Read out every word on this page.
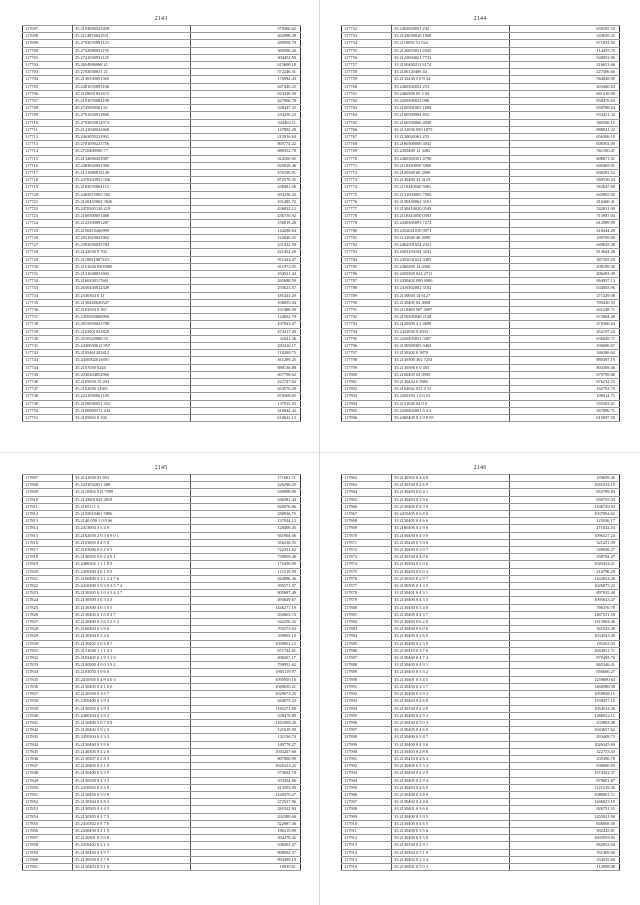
2143
117697	35.2103050525408	579466.62
117698	35.2114876641551	462998.49
117699	35.2793035991123	289958.79
117700	35.2732088031176	369596.26
117701	35.2741030931125	304452.50
117702	35.2654996068 21	615608.18
117703	35.2702030631 21	372246.31
117704	35.2130330051565	176984.43
117705	35.2401035893106	267446.25
117706	35.2158651031672	623338.50
117707	35.2191076004198	427906.78
117708	30.2745050561 61	338447.35
117709	35.2791020911806	234256.23
117710	35.2793033814573	324402.11
117711	35.2141030042668	147892.29
117712	35.2463055212991	215916.64
117713	35.2781050221756	805774.22
117714	35.2710400506 77	888352.78
117715	35.2134096453987	324160.65
117716	35.2483043061396	845818.46
117717	35.2131080814149	476199.91
117718	35.2470343931 026	872578.35
117719	35.2183035064115	258481.06
117720	35.2465015963 592	493236.43
117721	35.2120455063 3826	101485.72
117722	35.2470305120 219	436832.12
117723	35.2160500051468	436750.92
117724	35.2122100091287	150019.26
117725	35.2150410266999	144288.64
117726	35.2031010025962	122840.25
117727	35.2492050035784	231422.59
117728	35.2142030 9 702	221452.26
117729	35.2110051087223	911444.47
117730	35.2151640 0503980	911972.05
117731	35.2131048031603	104521.44
117732	35.2160430117661	265688.59
117733	35.2630430012349	255623.57
117734	35.2330304 0 11	181441.20
117735	35.2130420620547	106855.04
117736	35.2103504 0 367	167488.59
117737	35.2450503060090	124662.79
117738	35.2015050041788	107943.07
117739	35.2102001041828	474217.20
117740	35.2510320000 52	31641.36
117741	35.2430030612 957	282416.17
117742	35.2105461203412	110288.75
117743	35.2436502013691	361289.25
117744	35.2107050 0244	880136.88
117745	35.2030204052960	407796.62
117746	35.2105050 15 203	222747.62
117747	35.2102050 12961	633576.29
117748	35.2241050061149	876568.65
117749	35.2150030051 352	137915.25
117750	35.2100000172 434	416844.42
117751	35.2105002 0 102	610622.13
2144
117752	35.2463050031 232	650185.55
117753	35.2143030020 1568	343659.31
117754	35.2110050 51 524	671852.94
117755	35.2120053031 2645	114455.70
117756	35.2123004021 7733	540052.06
117757	35.2150400211 3174	216651.66
117758	35.2100120406 44	227406.66
117759	35.2132430 5 0 9 34	564848.00
117760	35.2460302052 253	203460.03
117761	35.2460300 05 2 04	661416.68
117762	35.2450300033 088	858476.03
117763	35.2160301003 1698	658788.64
117764	35.2160500994 852	933421.34
117765	35.2160300060 4849	380566.15
117766	35.2132030 050 1873	888041.22
117767	35.2130020361 255	656306.10
117768	35.2160300000 4032	600302.09
117769	35.2450400 12 3482	561180.47
117770	35.2460300351 4798	608671.01
117771	35.2110450050 5969	640465.91
117772	35.2120300 60 2909	600203.52
117773	35.2130400 33 4123	560536.34
117774	35.2110440040 5081	563647.60
117775	35.2131004003 7565	645965.00
117776	35.2130430062 3161	416460.41
117777	35.2130410020 0549	542031.09
117778	35.2110443050 0583	713987.04
117779	35.2430305093 7274	612989.99
117780	35.2452041010 9071	418444.20
117781	35.2132040 40 2099	189769.69
117782	35.2462501024 2321	649635.30
117783	35.2603103104 3233	813644.46
117784	35.2452031022 3385	387205.03
117785	35.2460209 14 4360	208199.30
117786	35.2450305 024 2711	406483.49
117787	35.2430402 090 6906	664957.13
117788	35.2410302002 3182	634563.96
117789	35.2130040 14 6127	271429.08
117790	35.2130405 04 4008	789420.53
117791	35.2110400 507 3097	441248.71
117792	35.2150305040 2148	672604.40
117793	35.2120300 4 3 4698	470360.04
117794	35.2432030 9 4033	452197.22
117795	35.2420403051 3307	636649.71
117796	35.2130500305 3404	196680.67
117797	35.2130302 0 3870	346286.62
117798	35.2130300 302 7254	880497.19
117799	35.2130306 0 0 403	803369.46
117800	35.2160405 02 0995	679799.86
117801	35.2130452 0 3982	876232.53
117802	35.2164042 013 0 31	162791.75
117803	35.2450350 1 0 0 53	198514.71
117804	35.2131040 04 0 0	535503.61
117805	35.2430402001 5 4 4	267886.71
117806	35.2460405 0 3 0 0 95	615697.50
2145
117807	35.2141050 03 953	171681.71
117808	35.2431032051 488	226296.25
117809	35.2110504 015 7099	549998.90
117810	35.2143001045 2819	546381.44
117811	35.2105 0 1 3	820076.86
117812	35.2105010461 5806	280936.75
117813	35.2140 050 1 0 0 66	137924.12
117814	35.2413004 3 5 4 9	120400.45
117815	35.2162050 2 0 3 6 9 0 1	561904.06
117816	35.2103005 0 4 9 8	356236.35
117817	35.2103006 0 0 2 0 5	722331.62
117818	35.2140305 0 0 2 4 9 1	739859.49
117819	35.2460302 1 1 1 8 9	175456.09
117820	35.2450300 4 8 1 0 9	111519.59
117821	35.2160400 0 2 1 2 4 7 6	262896.36
117822	35.2410300 5 0 3 0 3 5 7 4	395571.37
117823	35.2130305 0 2 0 4 3 4 3 7	805687.40
117824	35.2130500 3 0 3 3 3	493649.67
117825	35.2130300 4 0 3 0 5	1446277.19
117826	35.2130402 0 1 0 8 2 7	292603.73
117827	35.2130400 0 3 0 3 2 3 2	342256.32
117828	35.2160404 0 5 6 6	705373.63
117829	35.2130304 0 3 4 6	358905.19
117830	35.2130402 3 0 4 0 7	1039001.12
117831	35.2131040 1 1 1 4 3	871744.81
117832	35.2103405 0 2 9 3 1 9	498267.17
117833	35.2130500 4 0 0 3 9 2	799951.62
117834	35.2103050 3 0 6 0	1905119.97
117835	35.2410305 0 4 9 4 0 3	1095959.16
117836	35.2130405 0 4 1 0 6	1049630.21
117837	35.2130350 0 3 9 7	1029073.25
117838	35.2450400 0 3 9 4	264073.22
117839	35.2130305 0 3 9 3	1185271.89
117840	35.2460304 0 3 9 2	338478.89
117841	35.2130400 5 0 7 9 8	1261098.26
117842	35.2130402 5 0 2 3	121619.59
117843	35.2450304 0 2 3 3	131136.74
117844	35.2130460 0 3 9 6	149778.27
117845	35.2140305 0 2 2 6	1043207.66
117846	35.2130307 0 2 8 3	807860.09
117847	35.2130405 0 2 1 0	1045223.25
117848	35.2130400 0 3 3 9	573692.78
117849	35.2130350 0 4 3 3	353454.86
117850	35.2410502 0 3 4 9	413593.09
117851	35.2130450 0 5 0 8	1249470.27
117852	35.2130304 0 4 8 3	272537.96
117853	35.2130505 0 4 4 3	281922.94
117854	35.2130305 0 2 7 5	292380.66
117855	35.2410302 0 8 7 6	322687.36
117856	35.2430450 0 2 1 9	186319.09
117857	35.2130301 0 5 0 8	392478.42
117858	35.2410402 0 2 1 3	338401.27
117859	35.2130450 0 4 9 7	898992.37
117860	35.2130350 0 2 7 9	893499.19
117861	35.2130403 0 5 1 0	19939.61
2146
117862	35.2140302 0 4 4 0	183659.46
117863	35.2130350 0 2 6 9	1045234.19
117864	35.2130450 0 6 4 1	853789.83
117865	35.2130403 0 5 9 6	656755.43
117866	35.2130405 0 4 3 8	1436749.54
117867	35.2410405 0 6 8 6	1037094.62
117868	35.2130405 0 4 6 6	125936.17
117869	35.2160406 0 2 9 6	271032.54
117870	35.2130430 0 4 0 9	1096527.24
117871	35.2130420 0 3 0 9	321251.39
117872	35.2130450 0 5 9 7	349948.27
117873	35.2130350 0 4 0 6	258704.47
117874	35.2130304 0 5 0 6	1045434.21
117875	35.2130450 0 6 0 3	216796.29
117876	35.2130305 0 2 9 7	1442034.28
117877	35.2130305 0 4 3 5	1026875.22
117878	35.2130401 0 4 3 1	897035.40
117879	35.2130400 0 4 3 5	1095643.37
117880	35.2130450 0 5 4 8	786370.78
117881	35.2130405 0 4 3 7	1467531.59
117882	35.2130403 0 6 2 0	1415904.46
117883	35.2130400 0 6 0 6	365543.49
117884	35.2130405 0 3 6 0	1034543.49
117885	35.2130400 0 4 3 0	185263.43
117886	35.2130410 0 3 7 6	1043831.71
117887	35.2130460 0 4 7 4	879495.76
117888	35.2130405 0 4 9 1	865346.41
117889	35.2130403 0 5 3 2	656006.27
117890	35.2130401 0 3 4 5	1259690.64
117891	35.2130450 0 2 3 7	1468386.98
117892	35.2130400 0 3 9 2	1059948.15
117893	35.2130403 0 4 6 8	1558457.18
117894	35.2130350 0 4 4 8	1054534.26
117895	35.2130400 0 2 9 2	1460022.11
117896	35.2130430 0 3 9 3	233883.08
117897	35.2130405 0 4 6 0	1043657.62
117898	35.2130400 0 3 8 7	293409.73
117899	35.2130400 0 4 3 6	1026345.69
117900	35.2130403 0 2 8 8	322753.43
117901	35.2130410 0 4 6 3	235306.78
117902	35.2130405 0 5 3 3	838000.03
117903	35.2130450 0 4 4 9	1574342.37
117904	35.2130405 0 2 9 4	879691.87
117905	35.2130403 0 4 6 0	1121519.36
117906	35.2130400 0 3 8 9	1088901.11
117907	35.2130402 0 4 4 6	1446023.10
117908	35.2130401 0 3 6 0	826751.51
117909	35.2130400 0 3 9 5	1455921.96
117910	35.2130405 0 4 6 5	846068.50
117911	35.2130400 0 3 5 6	902445.81
117912	35.2130400 0 4 5 8	1603593.82
117913	35.2130350 0 2 9 1	862033.04
117914	35.2130304 0 5 1 9	761369.00
117915	35.2130402 0 2 4 4	254535.66
117916	35.2130401 0 5 0 3	112998.08
